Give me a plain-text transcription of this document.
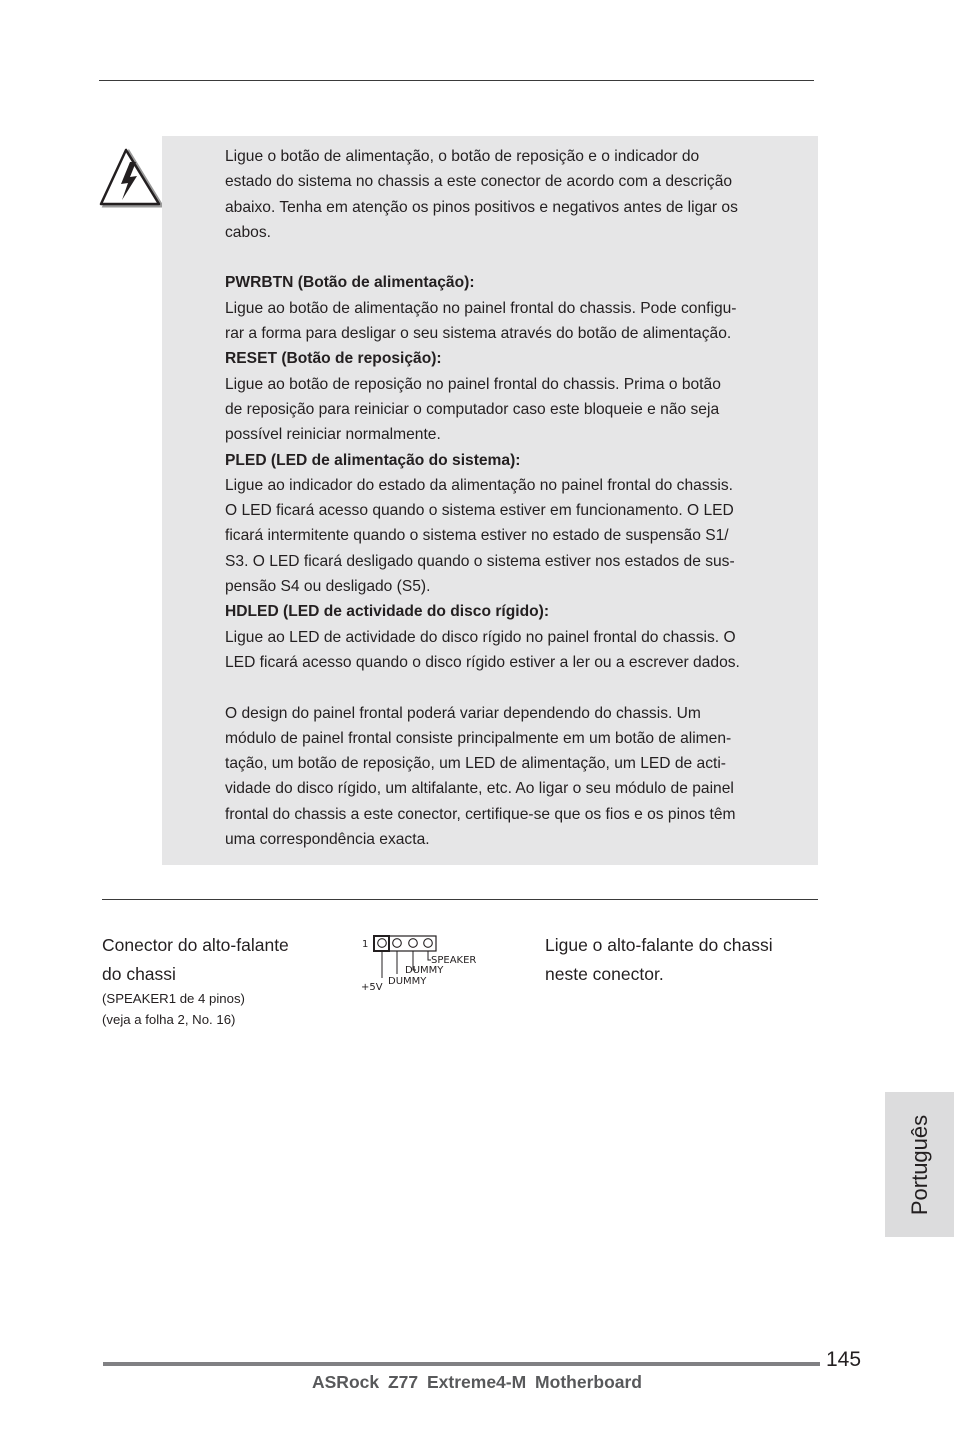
Ligue o botão de alimentação, o botão de reposição e o indicador do

estado do sistema no chassis a este conector de acordo com a descrição

abaixo. Tenha em atenção os pinos positivos e negativos antes de ligar os

cabos.

PWRBTN (Botão de alimentação):

Ligue ao botão de alimentação no painel frontal do chassis. Pode configu-

rar a forma para desligar o seu sistema através do botão de alimentação.

RESET (Botão de reposição):

Ligue ao botão de reposição no painel frontal do chassis. Prima o botão

de reposição para reiniciar o computador caso este bloqueie e não seja

possível reiniciar normalmente.

PLED (LED de alimentação do sistema):

Ligue ao indicador do estado da alimentação no painel frontal do chassis.

O LED ficará acesso quando o sistema estiver em funcionamento. O LED

ficará intermitente quando o sistema estiver no estado de suspensão S1/

S3. O LED ficará desligado quando o sistema estiver nos estados de sus-

pensão S4 ou desligado (S5).

HDLED (LED de actividade do disco rígido):

Ligue ao LED de actividade do disco rígido no painel frontal do chassis. O

LED ficará acesso quando o disco rígido estiver a ler ou a escrever dados.

O design do painel frontal poderá variar dependendo do chassis. Um

módulo de painel frontal consiste principalmente em um botão de alimen-

tação, um botão de reposição, um LED de alimentação, um LED de acti-

vidade do disco rígido, um altifalante, etc. Ao ligar o seu módulo de painel

frontal do chassis a este conector, certifique-se que os fios e os pinos têm

uma correspondência exacta.

Conector do alto-falante
do chassi
(SPEAKER1 de 4 pinos)
(veja a folha 2, No. 16)
1
SPEAKER
DUMMY
+5V
DUMMY
Ligue o alto-falante do chassi
neste conector.
Português
145
ASRock Z77 Extreme4-M Motherboard
